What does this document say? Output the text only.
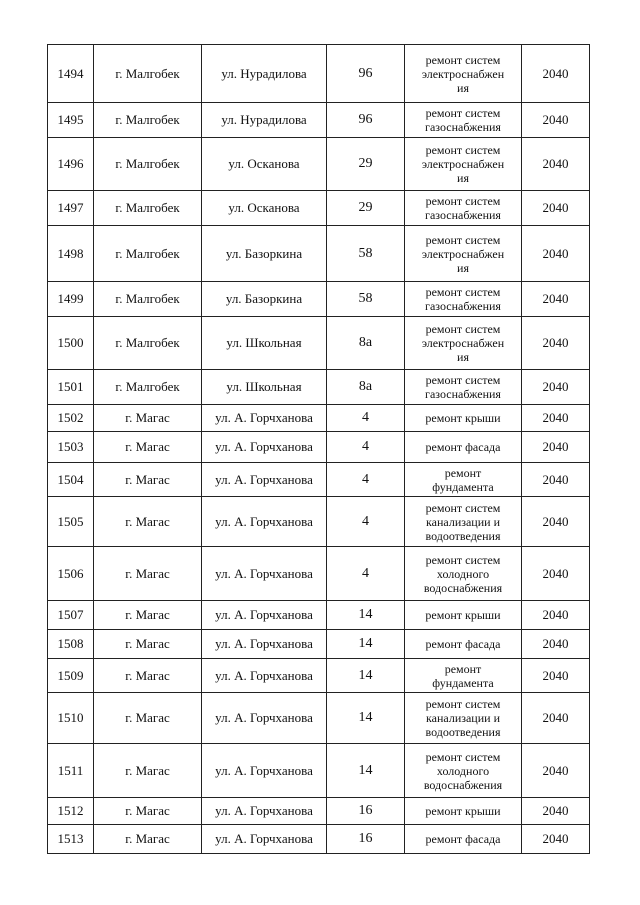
1494	г. Малгобек	ул. Нурадилова	96	ремонт систем
электроснабжен
ия	2040
1495	г. Малгобек	ул. Нурадилова	96	ремонт систем
газоснабжения	2040
1496	г. Малгобек	ул. Осканова	29	ремонт систем
электроснабжен
ия	2040
1497	г. Малгобек	ул. Осканова	29	ремонт систем
газоснабжения	2040
1498	г. Малгобек	ул. Базоркина	58	ремонт систем
электроснабжен
ия	2040
1499	г. Малгобек	ул. Базоркина	58	ремонт систем
газоснабжения	2040
1500	г. Малгобек	ул. Школьная	8а	ремонт систем
электроснабжен
ия	2040
1501	г. Малгобек	ул. Школьная	8а	ремонт систем
газоснабжения	2040
1502	г. Магас	ул. А. Горчханова	4	ремонт крыши	2040
1503	г. Магас	ул. А. Горчханова	4	ремонт фасада	2040
1504	г. Магас	ул. А. Горчханова	4	ремонт
фундамента	2040
1505	г. Магас	ул. А. Горчханова	4	ремонт систем
канализации и
водоотведения	2040
1506	г. Магас	ул. А. Горчханова	4	ремонт систем
холодного
водоснабжения	2040
1507	г. Магас	ул. А. Горчханова	14	ремонт крыши	2040
1508	г. Магас	ул. А. Горчханова	14	ремонт фасада	2040
1509	г. Магас	ул. А. Горчханова	14	ремонт
фундамента	2040
1510	г. Магас	ул. А. Горчханова	14	ремонт систем
канализации и
водоотведения	2040
1511	г. Магас	ул. А. Горчханова	14	ремонт систем
холодного
водоснабжения	2040
1512	г. Магас	ул. А. Горчханова	16	ремонт крыши	2040
1513	г. Магас	ул. А. Горчханова	16	ремонт фасада	2040
